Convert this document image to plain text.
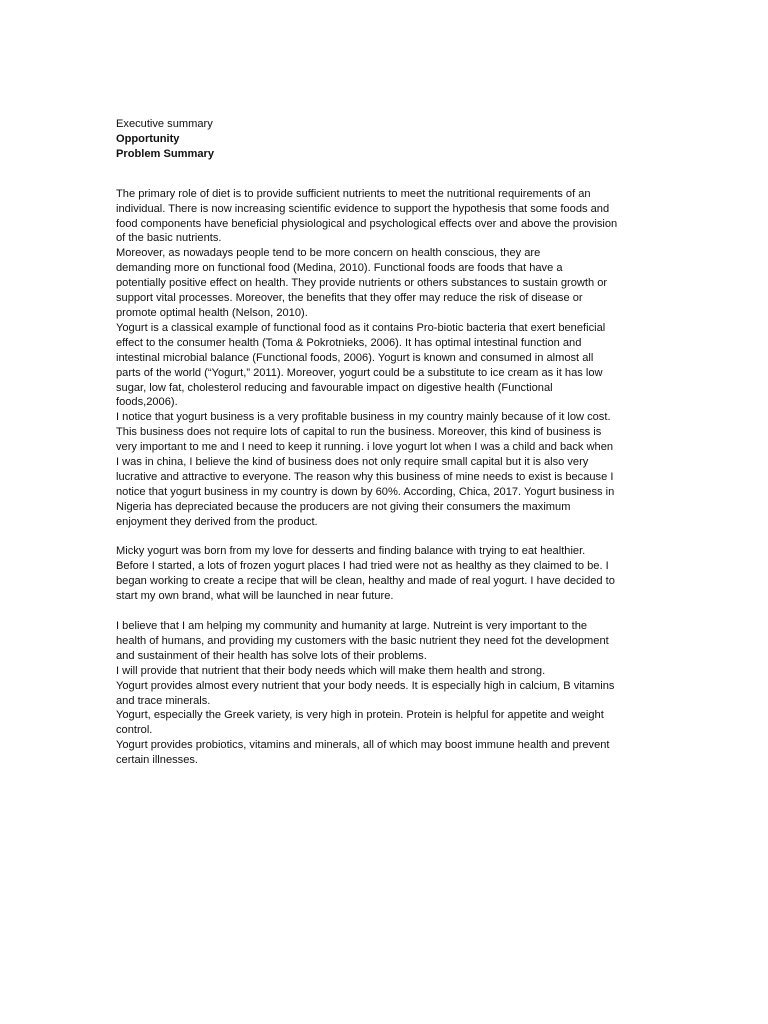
Executive summary

Opportunity

Problem Summary

The primary role of diet is to provide sufficient nutrients to meet the nutritional requirements of an
individual. There is now increasing scientific evidence to support the hypothesis that some foods and
food components have beneficial physiological and psychological effects over and above the provision
of the basic nutrients.
Moreover, as nowadays people tend to be more concern on health conscious, they are
demanding more on functional food (Medina, 2010). Functional foods are foods that have a
potentially positive effect on health. They provide nutrients or others substances to sustain growth or
support vital processes. Moreover, the benefits that they offer may reduce the risk of disease or
promote optimal health (Nelson, 2010).
Yogurt is a classical example of functional food as it contains Pro-biotic bacteria that exert beneficial
effect to the consumer health (Toma & Pokrotnieks, 2006). It has optimal intestinal function and
intestinal microbial balance (Functional foods, 2006). Yogurt is known and consumed in almost all
parts of the world (“Yogurt,” 2011). Moreover, yogurt could be a substitute to ice cream as it has low
sugar, low fat, cholesterol reducing and favourable impact on digestive health (Functional
foods,2006).
I notice that yogurt business is a very profitable business in my country mainly because of it low cost.
This business does not require lots of capital to run the business. Moreover, this kind of business is
very important to me and I need to keep it running. i love yogurt lot when I was a child and back when
I was in china, I believe the kind of business does not only require small capital but it is also very
lucrative and attractive to everyone. The reason why this business of mine needs to exist is because I
notice that yogurt business in my country is down by 60%. According, Chica, 2017. Yogurt business in
Nigeria has depreciated because the producers are not giving their consumers the maximum
enjoyment they derived from the product.
Micky yogurt was born from my love for desserts and finding balance with trying to eat healthier.
Before I started, a lots of frozen yogurt places I had tried were not as healthy as they claimed to be. I
began working to create a recipe that will be clean, healthy and made of real yogurt. I have decided to
start my own brand, what will be launched in near future.
I believe that I am helping my community and humanity at large. Nutreint is very important to the
health of humans, and providing my customers with the basic nutrient they need fot the development
and sustainment of their health has solve lots of their problems.
I will provide that nutrient that their body needs which will make them health and strong.
Yogurt provides almost every nutrient that your body needs. It is especially high in calcium, B vitamins
and trace minerals.
Yogurt, especially the Greek variety, is very high in protein. Protein is helpful for appetite and weight
control.
Yogurt provides probiotics, vitamins and minerals, all of which may boost immune health and prevent
certain illnesses.
